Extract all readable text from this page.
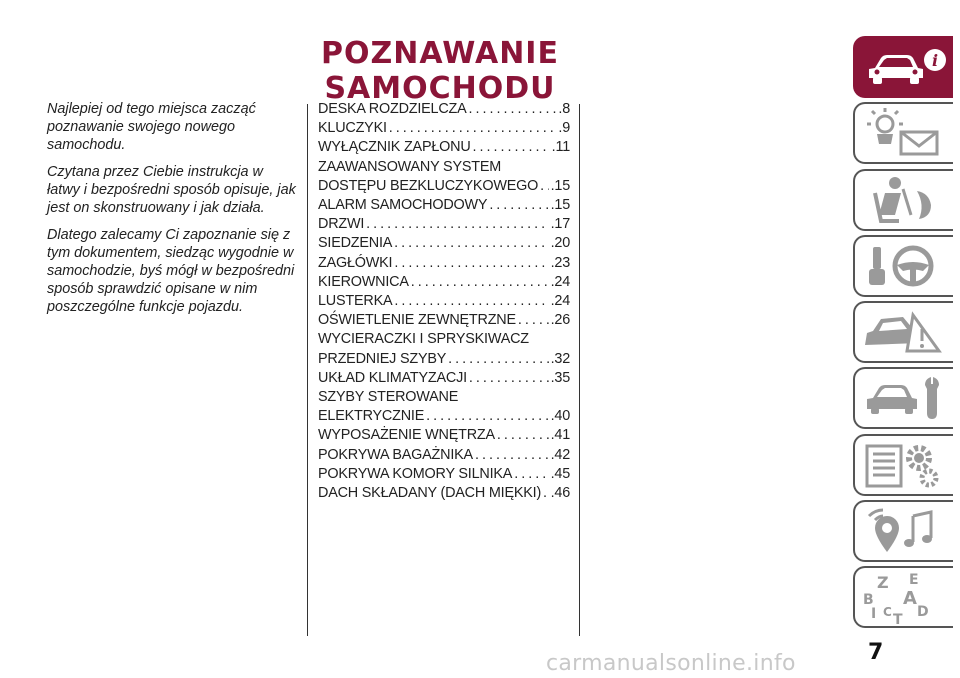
POZNAWANIE SAMOCHODU

Najlepiej od tego miejsca zacząć poznawanie swojego nowego samochodu.

Czytana przez Ciebie instrukcja w łatwy i bezpośredni sposób opisuje, jak jest on skonstruowany i jak działa.

Dlatego zalecamy Ci zapoznanie się z tym dokumentem, siedząc wygodnie w samochodzie, byś mógł w bezpośredni sposób sprawdzić opisane w nim poszczególne funkcje pojazdu.

DESKA ROZDZIELCZA .....	.8
KLUCZYKI .....	.9
WYŁĄCZNIK ZAPŁONU .....	.11
ZAAWANSOWANY SYSTEM
DOSTĘPU BEZKLUCZYKOWEGO ..... .15
ALARM SAMOCHODOWY .....	.15
DRZWI .....	.17
SIEDZENIA .....	.20
ZAGŁÓWKI .....	.23
KIEROWNICA .....	.24
LUSTERKA .....	.24
OŚWIETLENIE ZEWNĘTRZNE ..... .26
WYCIERACZKI I SPRYSKIWACZ
PRZEDNIEJ SZYBY .....	.32
UKŁAD KLIMATYZACJI .....	.35
SZYBY STEROWANE
ELEKTRYCZNIE .....	.40
WYPOSAŻENIE WNĘTRZA .....	.41
POKRYWA BAGAŻNIKA .....	.42
POKRYWA KOMORY SILNIKA .....	.45
DACH SKŁADANY (DACH MIĘKKI) ..... .46
i
Z E
B A
C
I	D
T
7
carmanualsonline.info
